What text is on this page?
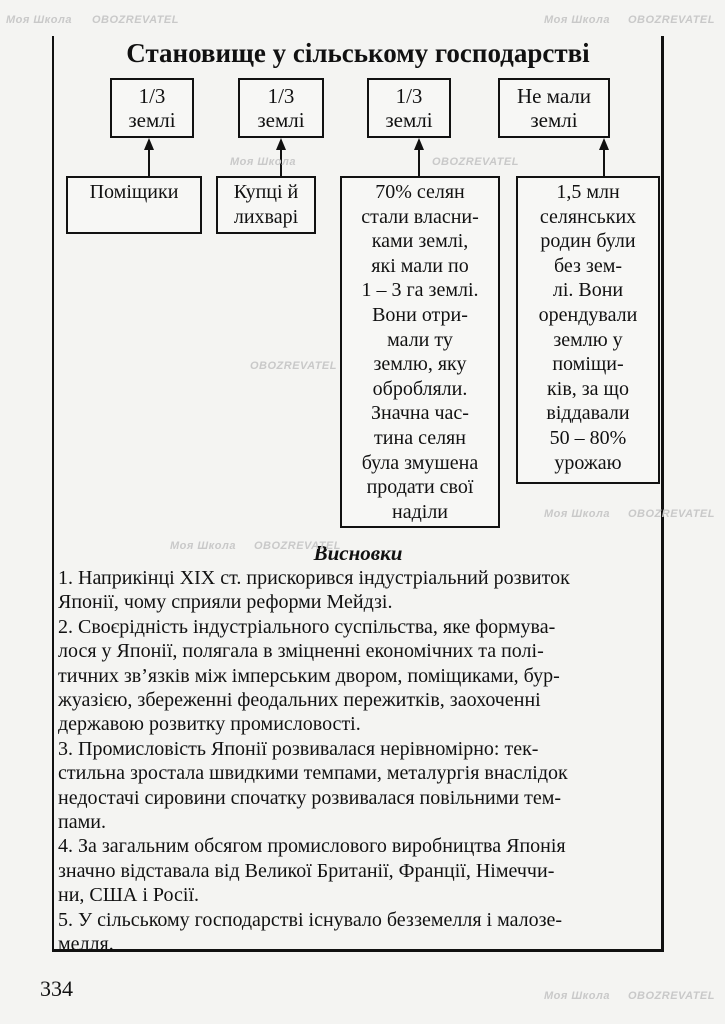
Становище у сільському господарстві
1/3
землі
1/3
землі
1/3
землі
Не мали
землі
Поміщики	Купці й
лихварі
70% селян
стали власни-
ками землі,
які мали по
1 – 3 га землі.
Вони отри-
мали ту
землю, яку
обробляли.
Значна час-
тина селян
була змушена
продати свої
наділи
1,5 млн
селянських
родин були
без зем-
лі. Вони
орендували
землю у
поміщи-
ків, за що
віддавали
50 – 80%
урожаю
Висновки
1. Наприкінці XIX ст. прискорився індустріальний розвиток
Японії, чому сприяли реформи Мейдзі.
2. Своєрідність індустріального суспільства, яке формува-
лося у Японії, полягала в зміцненні економічних та полі-
тичних зв’язків між імперським двором, поміщиками, бур-
жуазією, збереженні феодальних пережитків, заохоченні
державою розвитку промисловості.
3. Промисловість Японії розвивалася нерівномірно: тек-
стильна зростала швидкими темпами, металургія внаслідок
недостачі сировини спочатку розвивалася повільними тем-
пами.
4. За загальним обсягом промислового виробництва Японія
значно відставала від Великої Британії, Франції, Німеччи-
ни, США і Росії.
5. У сільському господарстві існувало безземелля і малозе-
мелля.
334
Моя Школа OBOZREVATEL	Моя Школа OBOZREVATEL
Моя Школа	OBOZREVATEL
OBOZREVATEL
Моя Школа OBOZREVATEL
Моя Школа OBOZREVATEL
Моя Школа OBOZREVATEL
